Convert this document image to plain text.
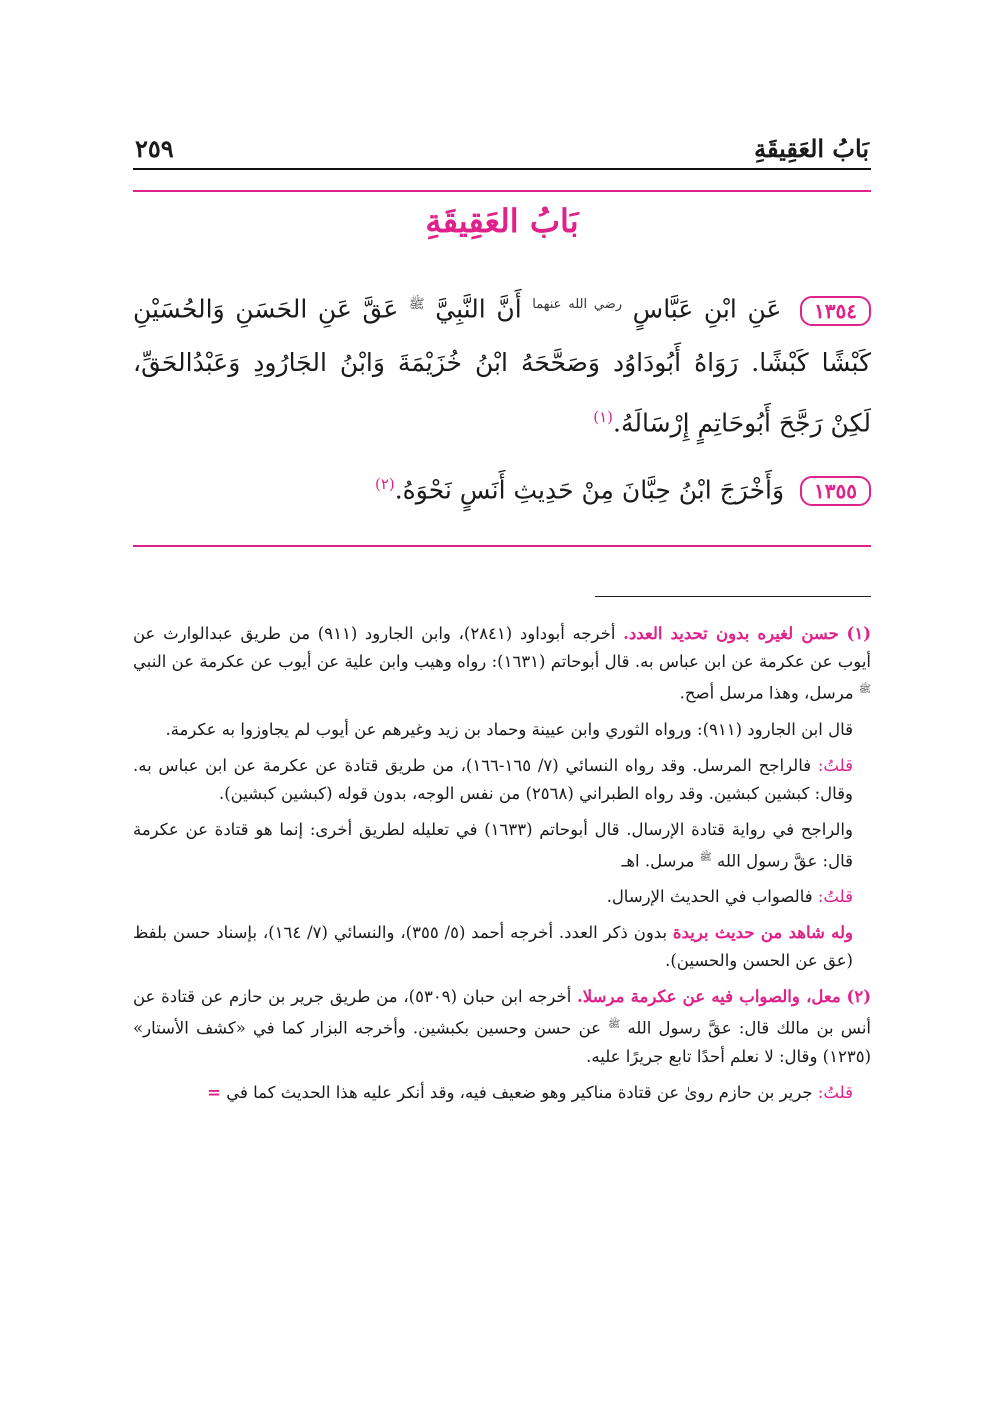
بَابُ العَقِيقَةِ
٢٥٩
بَابُ العَقِيقَةِ

١٣٥٤ عَنِ ابْنِ عَبَّاسٍ $^{رضي الله عنهما}$ أَنَّ النَّبِيَّ $^ﷺ$ عَقَّ عَنِ الحَسَنِ وَالحُسَيْنِ كَبْشًا كَبْشًا. رَوَاهُ أَبُودَاوُد وَصَحَّحَهُ ابْنُ خُزَيْمَةَ وَابْنُ الجَارُودِ وَعَبْدُالحَقِّ، لَكِنْ رَجَّحَ أَبُوحَاتِمٍ إِرْسَالَهُ.$^{(١)}$

١٣٥٥ وَأَخْرَجَ ابْنُ حِبَّانَ مِنْ حَدِيثِ أَنَسٍ نَحْوَهُ.$^{(٢)}$

(١) حسن لغيره بدون تحديد العدد. أخرجه أبوداود (٢٨٤١)، وابن الجارود (٩١١) من طريق عبدالوارث عن أيوب عن عكرمة عن ابن عباس به. قال أبوحاتم (١٦٣١): رواه وهيب وابن علية عن أيوب عن عكرمة عن النبي $^ﷺ$ مرسل، وهذا مرسل أصح.

قال ابن الجارود (٩١١): ورواه الثوري وابن عيينة وحماد بن زيد وغيرهم عن أيوب لم يجاوزوا به عكرمة.

قلتُ: فالراجح المرسل. وقد رواه النسائي (٧/ ١٦٥-١٦٦)، من طريق قتادة عن عكرمة عن ابن عباس به. وقال: كبشين كبشين. وقد رواه الطبراني (٢٥٦٨) من نفس الوجه، بدون قوله (كبشين كبشين).

والراجح في رواية قتادة الإرسال. قال أبوحاتم (١٦٣٣) في تعليله لطريق أخرى: إنما هو قتادة عن عكرمة قال: عقَّ رسول الله $^ﷺ$ مرسل. اهـ

قلتُ: فالصواب في الحديث الإرسال.

وله شاهد من حديث بريدة بدون ذكر العدد. أخرجه أحمد (٥/ ٣٥٥)، والنسائي (٧/ ١٦٤)، بإسناد حسن بلفظ (عق عن الحسن والحسين).

(٢) معل، والصواب فيه عن عكرمة مرسلا. أخرجه ابن حبان (٥٣٠٩)، من طريق جرير بن حازم عن قتادة عن أنس بن مالك قال: عقَّ رسول الله $^ﷺ$ عن حسن وحسين بكبشين. وأخرجه البزار كما في «كشف الأستار» (١٢٣٥) وقال: لا نعلم أحدًا تابع جريرًا عليه.

قلتُ: جرير بن حازم روىٰ عن قتادة مناكير وهو ضعيف فيه، وقد أنكر عليه هذا الحديث كما في =
